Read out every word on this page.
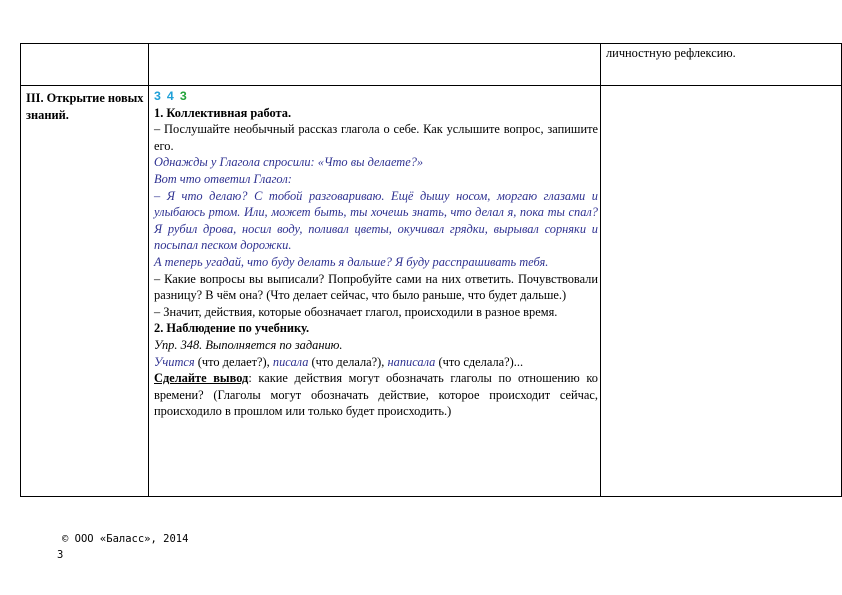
личностную рефлексию.
III. Открытие новых знаний.

3 4 3

1. Коллективная работа.

– Послушайте необычный рассказ глагола о себе. Как услышите вопрос, запишите его.

Однажды у Глагола спросили: «Что вы делаете?»

Вот что ответил Глагол:

– Я что делаю? С тобой разговариваю. Ещё дышу носом, моргаю глазами и улыбаюсь ртом. Или, может быть, ты хочешь знать, что делал я, пока ты спал? Я рубил дрова, носил воду, поливал цветы, окучивал грядки, вырывал сорняки и посыпал песком дорожки.

А теперь угадай, что буду делать я дальше? Я буду расспрашивать тебя.

– Какие вопросы вы выписали? Попробуйте сами на них ответить. Почувствовали разницу? В чём она? (Что делает сейчас, что было раньше, что будет дальше.)

– Значит, действия, которые обозначает глагол, происходили в разное время.

2. Наблюдение по учебнику.

Упр. 348. Выполняется по заданию.

Учится (что делает?), писала (что делала?), написала (что сделала?)...

Сделайте вывод: какие действия могут обозначать глаголы по отношению ко времени? (Глаголы могут обозначать действие, которое происходит сейчас, происходило в прошлом или только будет происходить.)

© ООО «Баласс», 2014
3
